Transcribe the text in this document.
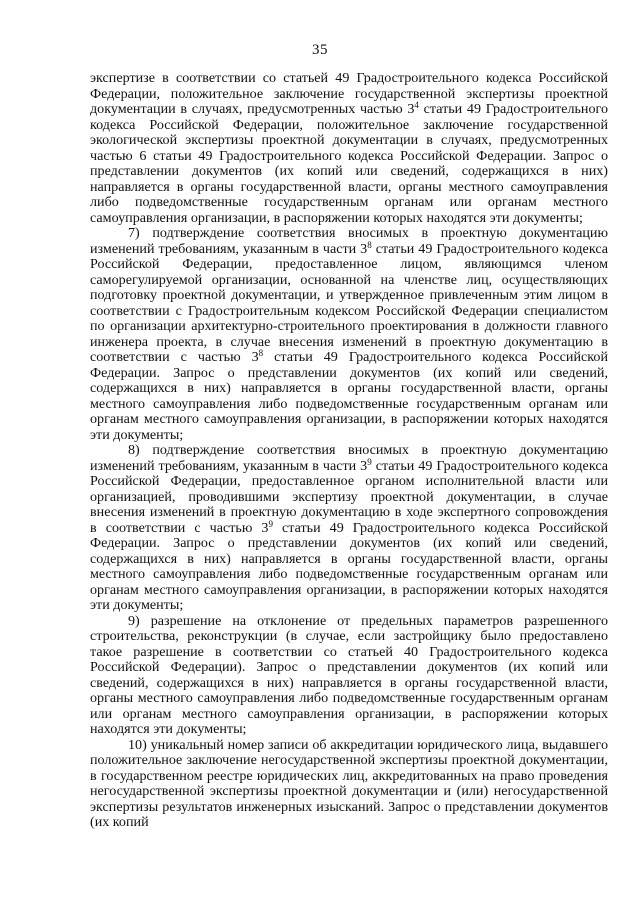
35

экспертизе в соответствии со статьей 49 Градостроительного кодекса Российской Федерации, положительное заключение государственной экспертизы проектной документации в случаях, предусмотренных частью $3^4$ статьи 49 Градостроительного кодекса Российской Федерации, положительное заключение государственной экологической экспертизы проектной документации в случаях, предусмотренных частью 6 статьи 49 Градостроительного кодекса Российской Федерации. Запрос о представлении документов (их копий или сведений, содержащихся в них) направляется в органы государственной власти, органы местного самоуправления либо подведомственные государственным органам или органам местного самоуправления организации, в распоряжении которых находятся эти документы;

7) подтверждение соответствия вносимых в проектную документацию изменений требованиям, указанным в части $3^8$ статьи 49 Градостроительного кодекса Российской Федерации, предоставленное лицом, являющимся членом саморегулируемой организации, основанной на членстве лиц, осуществляющих подготовку проектной документации, и утвержденное привлеченным этим лицом в соответствии с Градостроительным кодексом Российской Федерации специалистом по организации архитектурно-строительного проектирования в должности главного инженера проекта, в случае внесения изменений в проектную документацию в соответствии с частью $3^8$ статьи 49 Градостроительного кодекса Российской Федерации. Запрос о представлении документов (их копий или сведений, содержащихся в них) направляется в органы государственной власти, органы местного самоуправления либо подведомственные государственным органам или органам местного самоуправления организации, в распоряжении которых находятся эти документы;

8) подтверждение соответствия вносимых в проектную документацию изменений требованиям, указанным в части $3^9$ статьи 49 Градостроительного кодекса Российской Федерации, предоставленное органом исполнительной власти или организацией, проводившими экспертизу проектной документации, в случае внесения изменений в проектную документацию в ходе экспертного сопровождения в соответствии с частью $3^9$ статьи 49 Градостроительного кодекса Российской Федерации. Запрос о представлении документов (их копий или сведений, содержащихся в них) направляется в органы государственной власти, органы местного самоуправления либо подведомственные государственным органам или органам местного самоуправления организации, в распоряжении которых находятся эти документы;

9) разрешение на отклонение от предельных параметров разрешенного строительства, реконструкции (в случае, если застройщику было предоставлено такое разрешение в соответствии со статьей 40 Градостроительного кодекса Российской Федерации). Запрос о представлении документов (их копий или сведений, содержащихся в них) направляется в органы государственной власти, органы местного самоуправления либо подведомственные государственным органам или органам местного самоуправления организации, в распоряжении которых находятся эти документы;

10) уникальный номер записи об аккредитации юридического лица, выдавшего положительное заключение негосударственной экспертизы проектной документации, в государственном реестре юридических лиц, аккредитованных на право проведения негосударственной экспертизы проектной документации и (или) негосударственной экспертизы результатов инженерных изысканий. Запрос о представлении документов (их копий
